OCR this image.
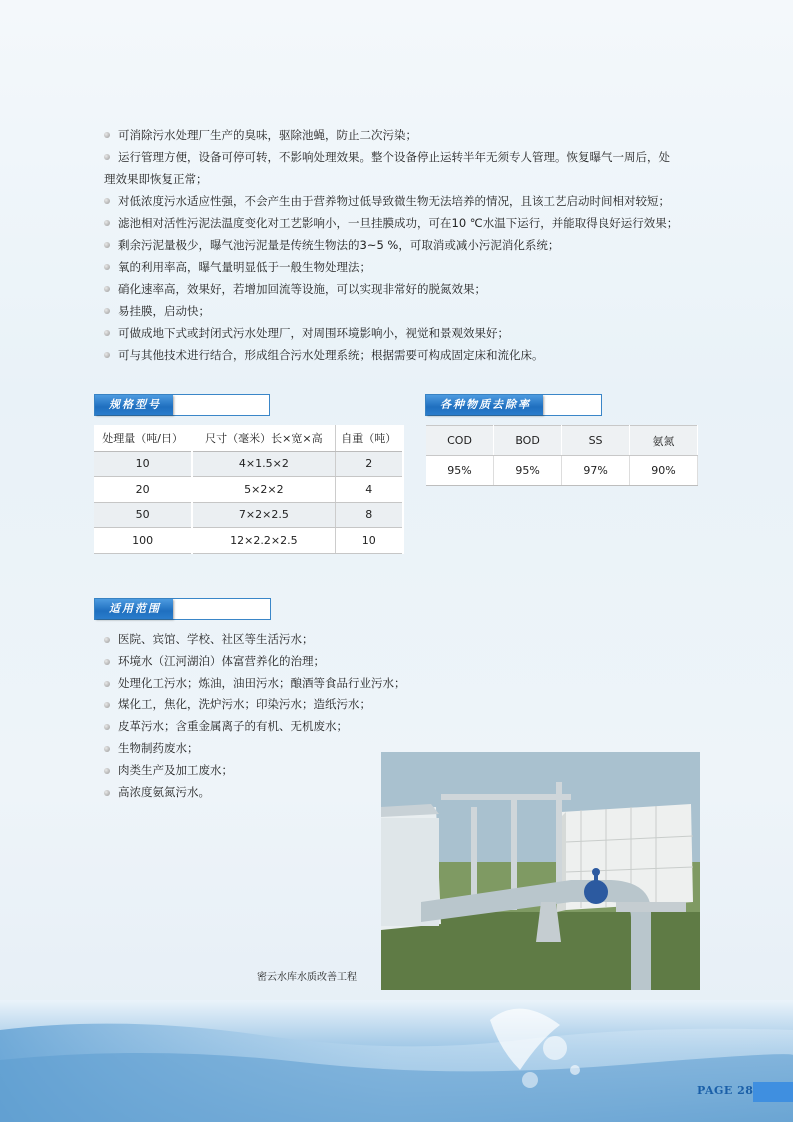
可消除污水处理厂生产的臭味，驱除池蝇，防止二次污染；
运行管理方便，设备可停可转，不影响处理效果。整个设备停止运转半年无须专人管理。恢复曝气一周后，处
理效果即恢复正常；
对低浓度污水适应性强，不会产生由于营养物过低导致微生物无法培养的情况，且该工艺启动时间相对较短；
滤池相对活性污泥法温度变化对工艺影响小，一旦挂膜成功，可在10 ℃水温下运行，并能取得良好运行效果；
剩余污泥量极少，曝气池污泥量是传统生物法的3~5 %，可取消或减小污泥消化系统；
氧的利用率高，曝气量明显低于一般生物处理法；
硝化速率高，效果好，若增加回流等设施，可以实现非常好的脱氮效果；
易挂膜，启动快；
可做成地下式或封闭式污水处理厂，对周围环境影响小，视觉和景观效果好；
可与其他技术进行结合，形成组合污水处理系统；根据需要可构成固定床和流化床。
规格型号	各种物质去除率
处理量（吨/日）	尺寸（毫米）长×宽×高	自重（吨）
10	4×1.5×2	2
20	5×2×2	4
50	7×2×2.5	8
100	12×2.2×2.5	10
COD	BOD	SS	氨氮
95%	95%	97%	90%
适用范围
医院、宾馆、学校、社区等生活污水；
环境水（江河湖泊）体富营养化的治理；
处理化工污水；炼油，油田污水；酿酒等食品行业污水；
煤化工，焦化，洗炉污水；印染污水；造纸污水；
皮革污水；含重金属离子的有机、无机废水；
生物制药废水；
肉类生产及加工废水；
高浓度氨氮污水。
密云水库水质改善工程
PAGE 28
